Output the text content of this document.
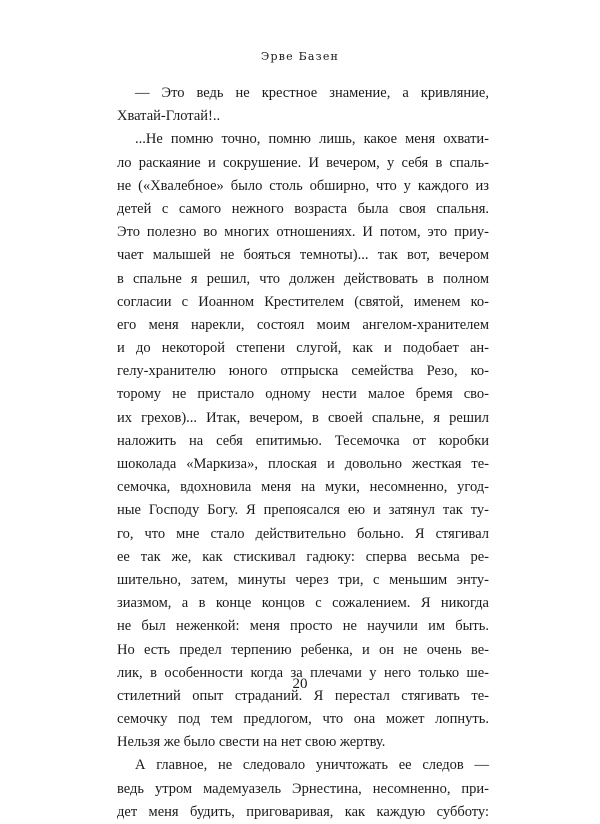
Эрве Базен
— Это ведь не крестное знамение, а кривляние,
Хватай-Глотай!..
...Не помню точно, помню лишь, какое меня охвати-
ло раскаяние и сокрушение. И вечером, у себя в спаль-
не («Хвалебное» было столь обширно, что у каждого из
детей с самого нежного возраста была своя спальня.
Это полезно во многих отношениях. И потом, это приу-
чает малышей не бояться темноты)... так вот, вечером
в спальне я решил, что должен действовать в полном
согласии с Иоанном Крестителем (святой, именем ко-
его меня нарекли, состоял моим ангелом-хранителем
и до некоторой степени слугой, как и подобает ан-
гелу-хранителю юного отпрыска семейства Резо, ко-
торому не пристало одному нести малое бремя сво-
их грехов)... Итак, вечером, в своей спальне, я решил
наложить на себя епитимью. Тесемочка от коробки
шоколада «Маркиза», плоская и довольно жесткая те-
семочка, вдохновила меня на муки, несомненно, угод-
ные Господу Богу. Я препоясался ею и затянул так ту-
го, что мне стало действительно больно. Я стягивал
ее так же, как стискивал гадюку: сперва весьма ре-
шительно, затем, минуты через три, с меньшим энту-
зиазмом, а в конце концов с сожалением. Я никогда
не был неженкой: меня просто не научили им быть.
Но есть предел терпению ребенка, и он не очень ве-
лик, в особенности когда за плечами у него только ше-
стилетний опыт страданий. Я перестал стягивать те-
семочку под тем предлогом, что она может лопнуть.
Нельзя же было свести на нет свою жертву.
А главное, не следовало уничтожать ее следов —
ведь утром мадемуазель Эрнестина, несомненно, при-
дет меня будить, приговаривая, как каждую субботу:
20
